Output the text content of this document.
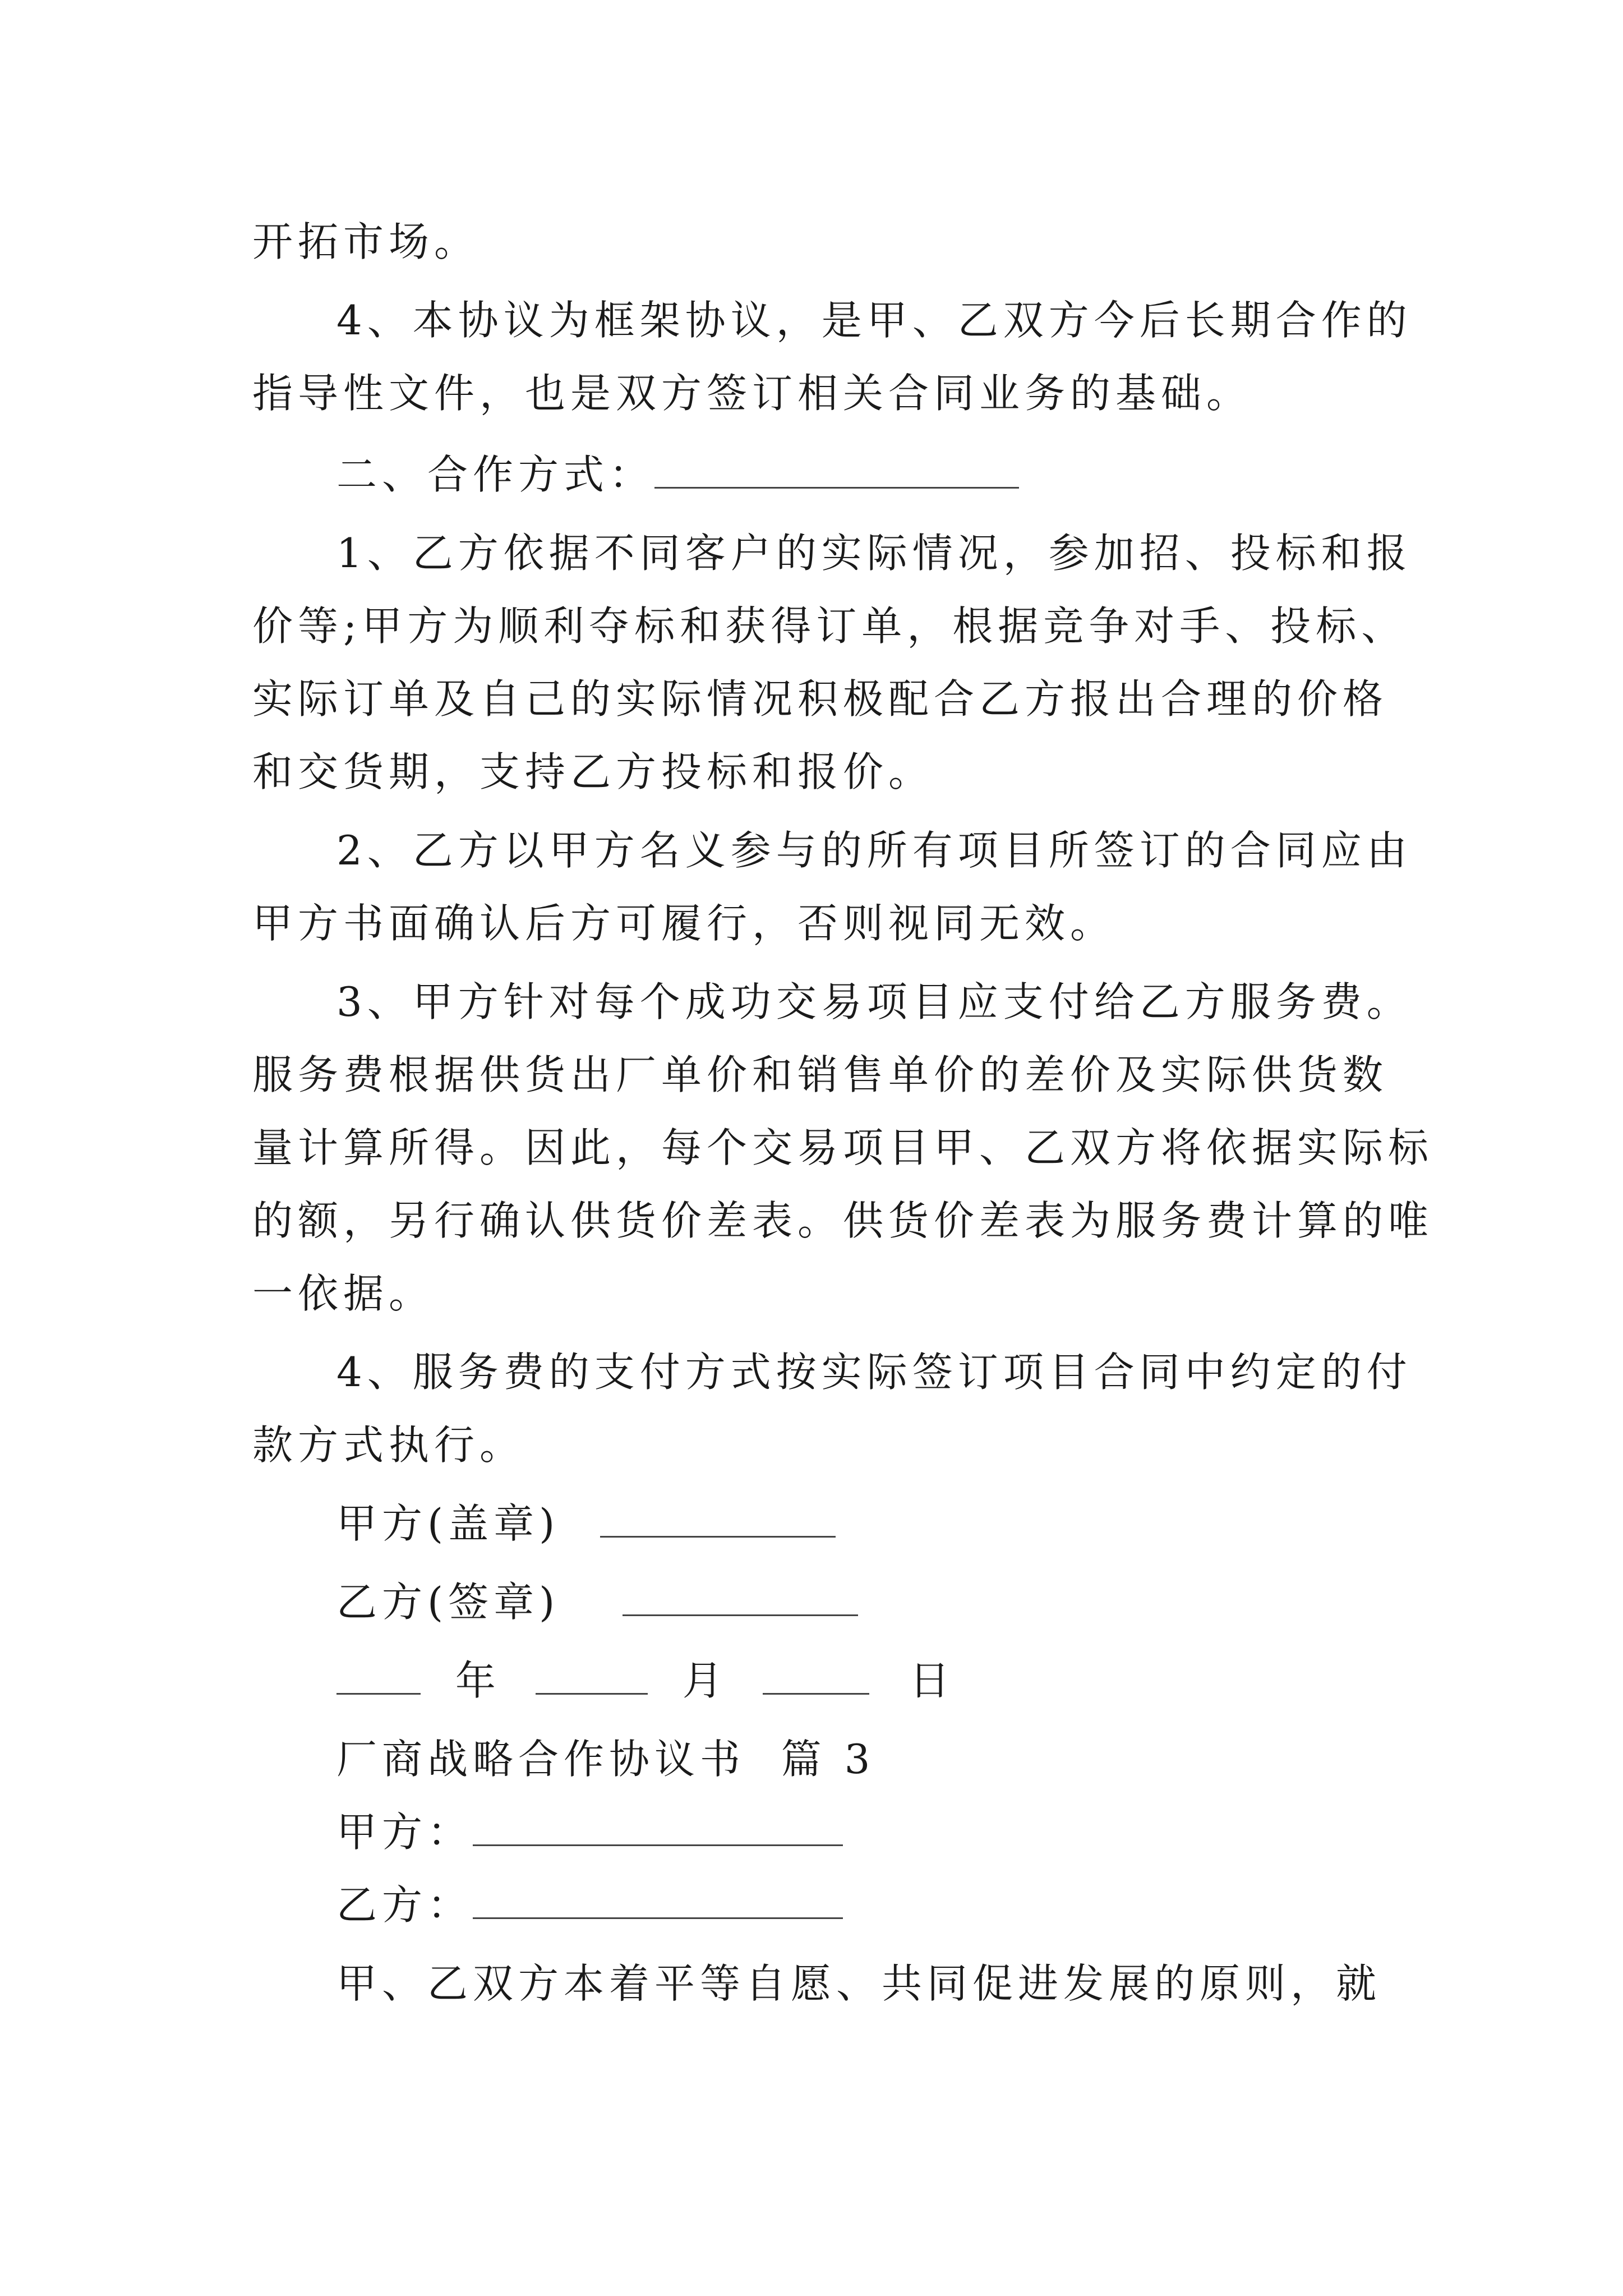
开拓市场。
4、本协议为框架协议，是甲、乙双方今后长期合作的
指导性文件，也是双方签订相关合同业务的基础。
二、合作方式：
1、乙方依据不同客户的实际情况，参加招、投标和报
价等;甲方为顺利夺标和获得订单，根据竞争对手、投标、
实际订单及自己的实际情况积极配合乙方报出合理的价格
和交货期，支持乙方投标和报价。
2、乙方以甲方名义参与的所有项目所签订的合同应由
甲方书面确认后方可履行，否则视同无效。
3、甲方针对每个成功交易项目应支付给乙方服务费。
服务费根据供货出厂单价和销售单价的差价及实际供货数
量计算所得。因此，每个交易项目甲、乙双方将依据实际标
的额，另行确认供货价差表。供货价差表为服务费计算的唯
一依据。
4、服务费的支付方式按实际签订项目合同中约定的付
款方式执行。
甲方(盖章)
乙方(签章)
年	月	日
厂商战略合作协议书  篇 3
甲方：
乙方：
甲、乙双方本着平等自愿、共同促进发展的原则，就
